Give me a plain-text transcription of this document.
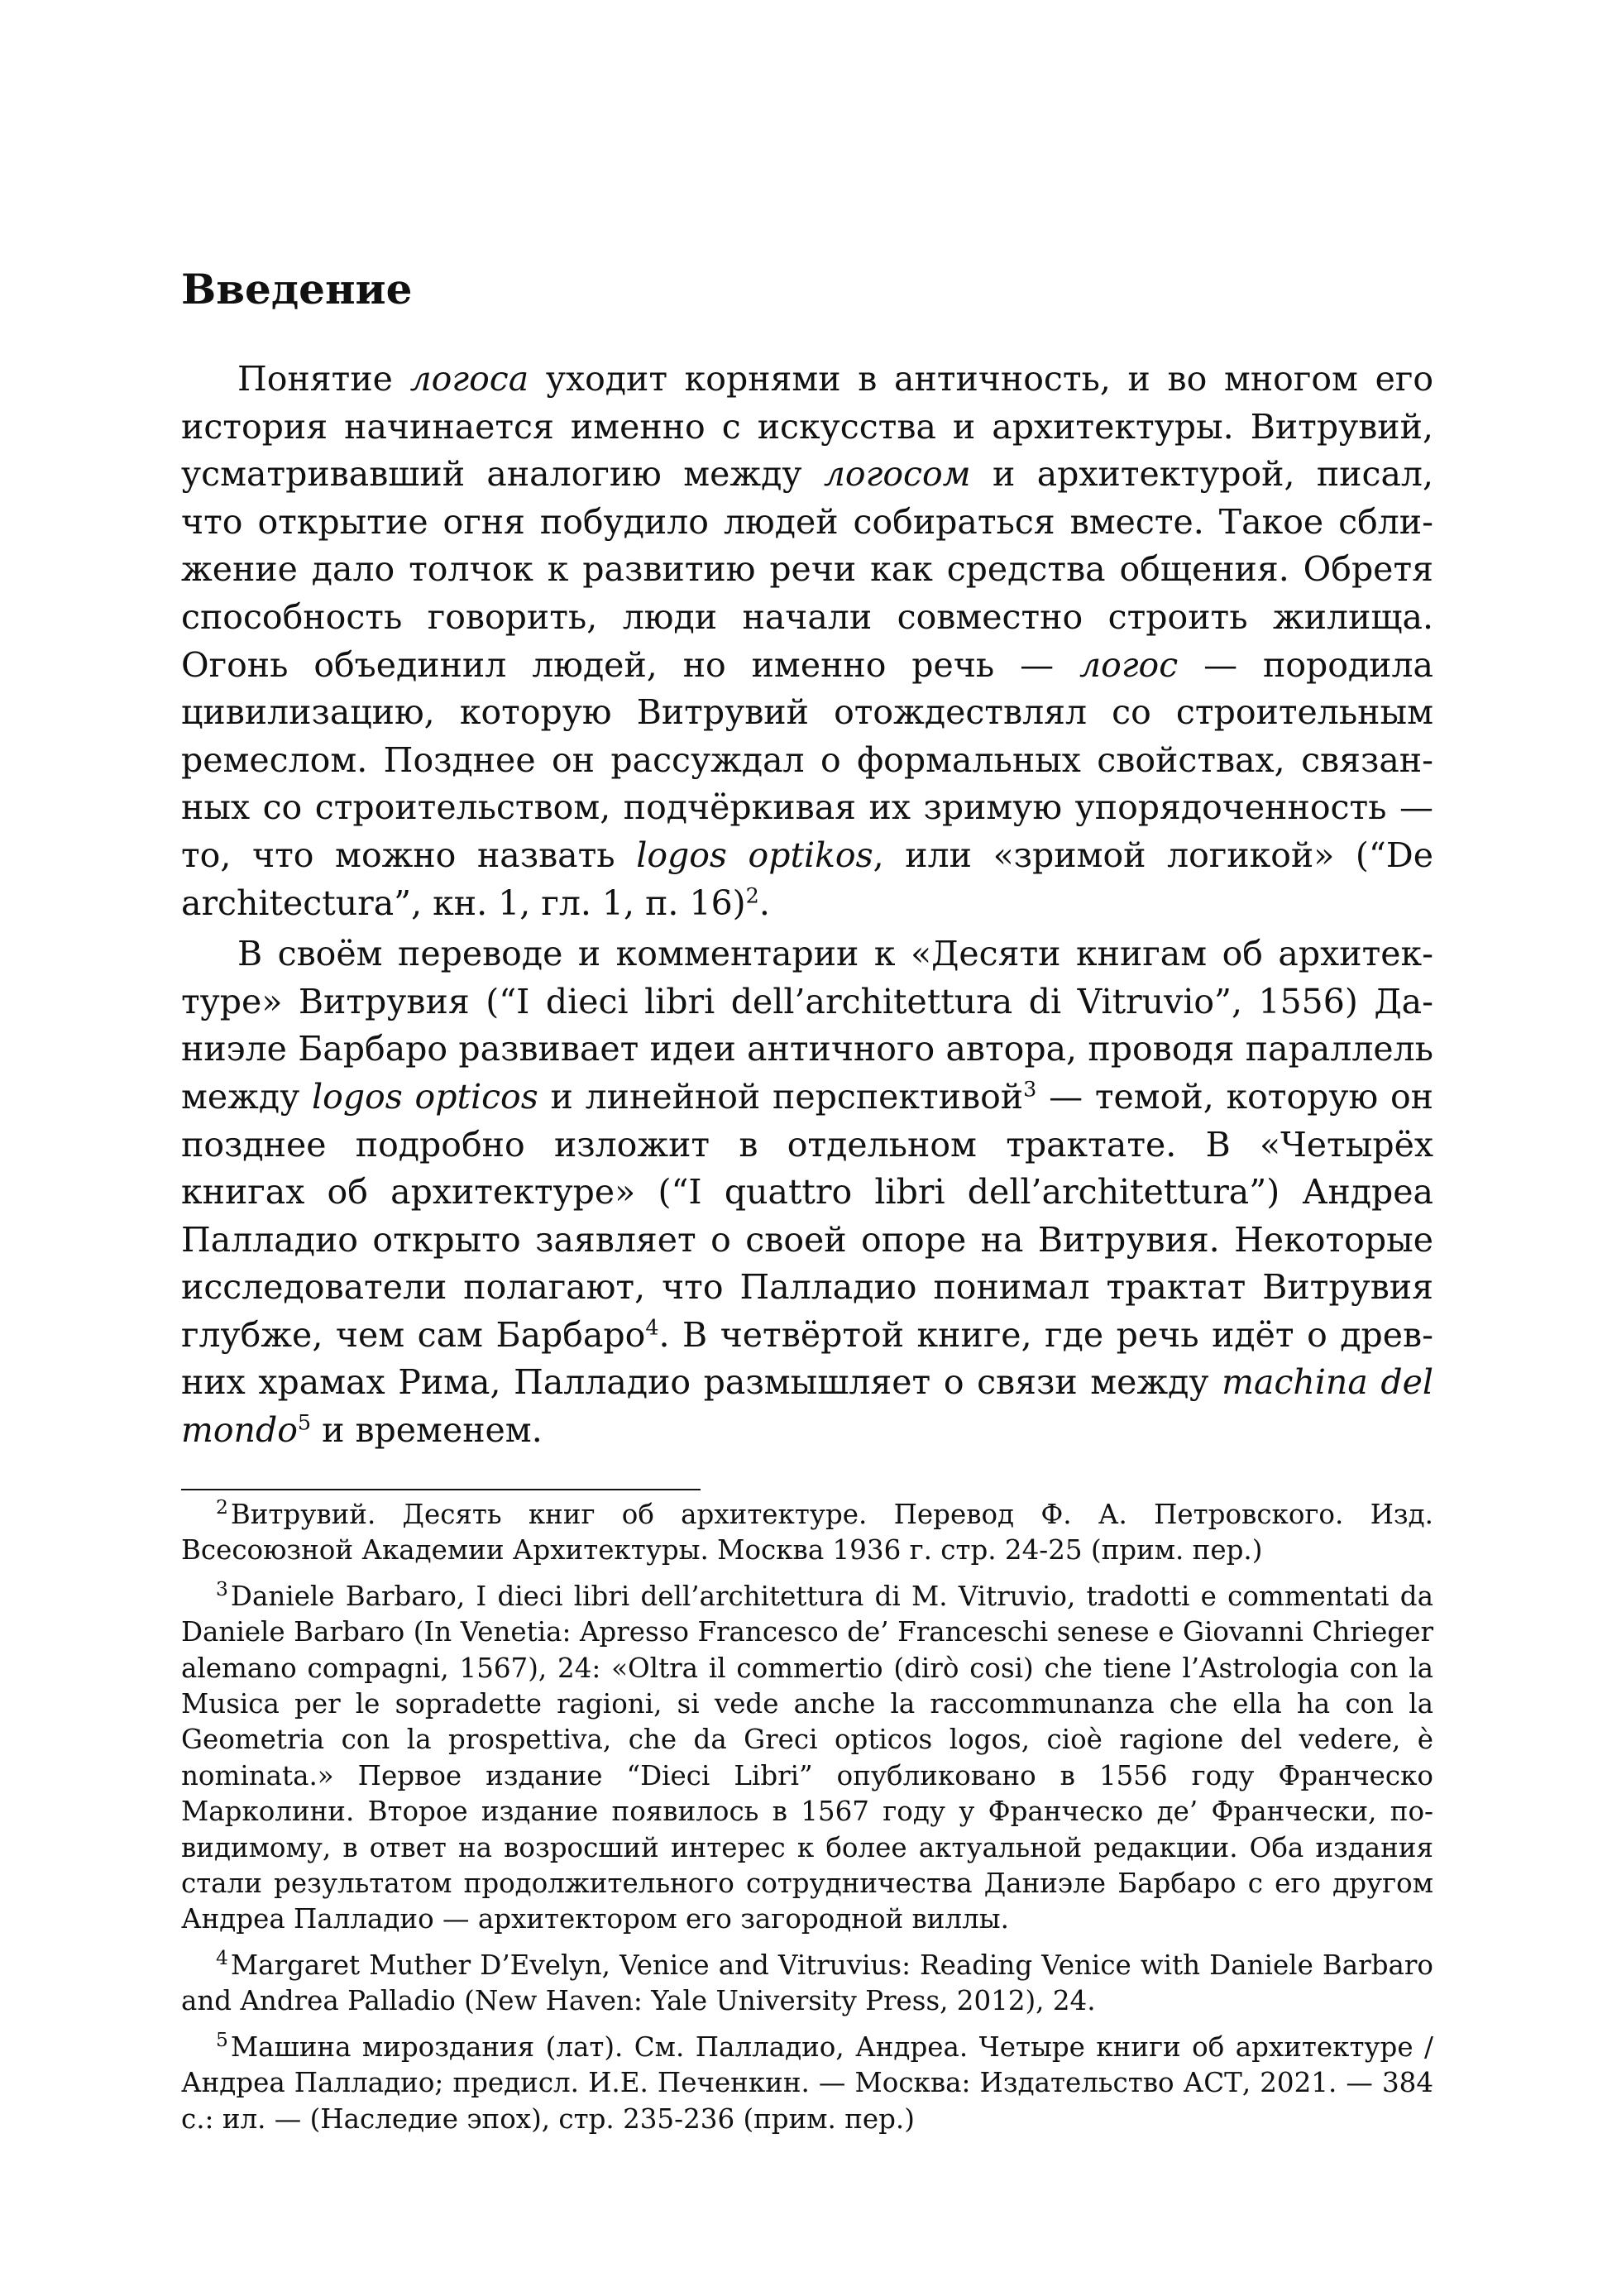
Введение

Понятие логоса уходит корнями в античность, и во многом его история начинается именно с искусства и архитектуры. Витрувий, усматривавший аналогию между логосом и архитектурой, писал, что открытие огня побудило людей собираться вместе. Такое сближение дало толчок к развитию речи как средства общения. Обретя способность говорить, люди начали совместно строить жилища. Огонь объединил людей, но именно речь — логос — породила цивилизацию, которую Витрувий отождествлял со строительным ремеслом. Позднее он рассуждал о формальных свойствах, связанных со строительством, подчёркивая их зримую упорядоченность — то, что можно назвать logos optikos, или «зримой логикой» (“De architectura”, кн. 1, гл. 1, п. 16)$^2$.

В своём переводе и комментарии к «Десяти книгам об архитектуре» Витрувия (“I dieci libri dell’architettura di Vitruvio”, 1556) Даниэле Барбаро развивает идеи античного автора, проводя параллель между logos opticos и линейной перспективой$^3$ — темой, которую он позднее подробно изложит в отдельном трактате. В «Четырёх книгах об архитектуре» (“I quattro libri dell’architettura”) Андреа Палладио открыто заявляет о своей опоре на Витрувия. Некоторые исследователи полагают, что Палладио понимал трактат Витрувия глубже, чем сам Барбаро$^4$. В четвёртой книге, где речь идёт о древних храмах Рима, Палладио размышляет о связи между machina del mondo$^5$ и временем.

$^2$Витрувий. Десять книг об архитектуре. Перевод Ф. А. Петровского. Изд. Всесоюзной Академии Архитектуры. Москва 1936 г. стр. 24-25 (прим. пер.)

$^3$Daniele Barbaro, I dieci libri dell’architettura di M. Vitruvio, tradotti e commentati da Daniele Barbaro (In Venetia: Apresso Francesco de’ Franceschi senese e Giovanni Chrieger alemano compagni, 1567), 24: «Oltra il commertio (dirò cosi) che tiene l’Astrologia con la Musica per le sopradette ragioni, si vede anche la raccommunanza che ella ha con la Geometria con la prospettiva, che da Greci opticos logos, cioè ragione del vedere, è nominata.» Первое издание “Dieci Libri” опубликовано в 1556 году Франческо Марколини. Второе издание появилось в 1567 году у Франческо де’ Франчески, по-видимому, в ответ на возросший интерес к более актуальной редакции. Оба издания стали результатом продолжительного сотрудничества Даниэле Барбаро с его другом Андреа Палладио — архитектором его загородной виллы.

$^4$Margaret Muther D’Evelyn, Venice and Vitruvius: Reading Venice with Daniele Barbaro and Andrea Palladio (New Haven: Yale University Press, 2012), 24.

$^5$Машина мироздания (лат). См. Палладио, Андреа. Четыре книги об архитектуре / Андреа Палладио; предисл. И.Е. Печенкин. — Москва: Издательство АСТ, 2021. — 384 с.: ил. — (Наследие эпох), стр. 235-236 (прим. пер.)
